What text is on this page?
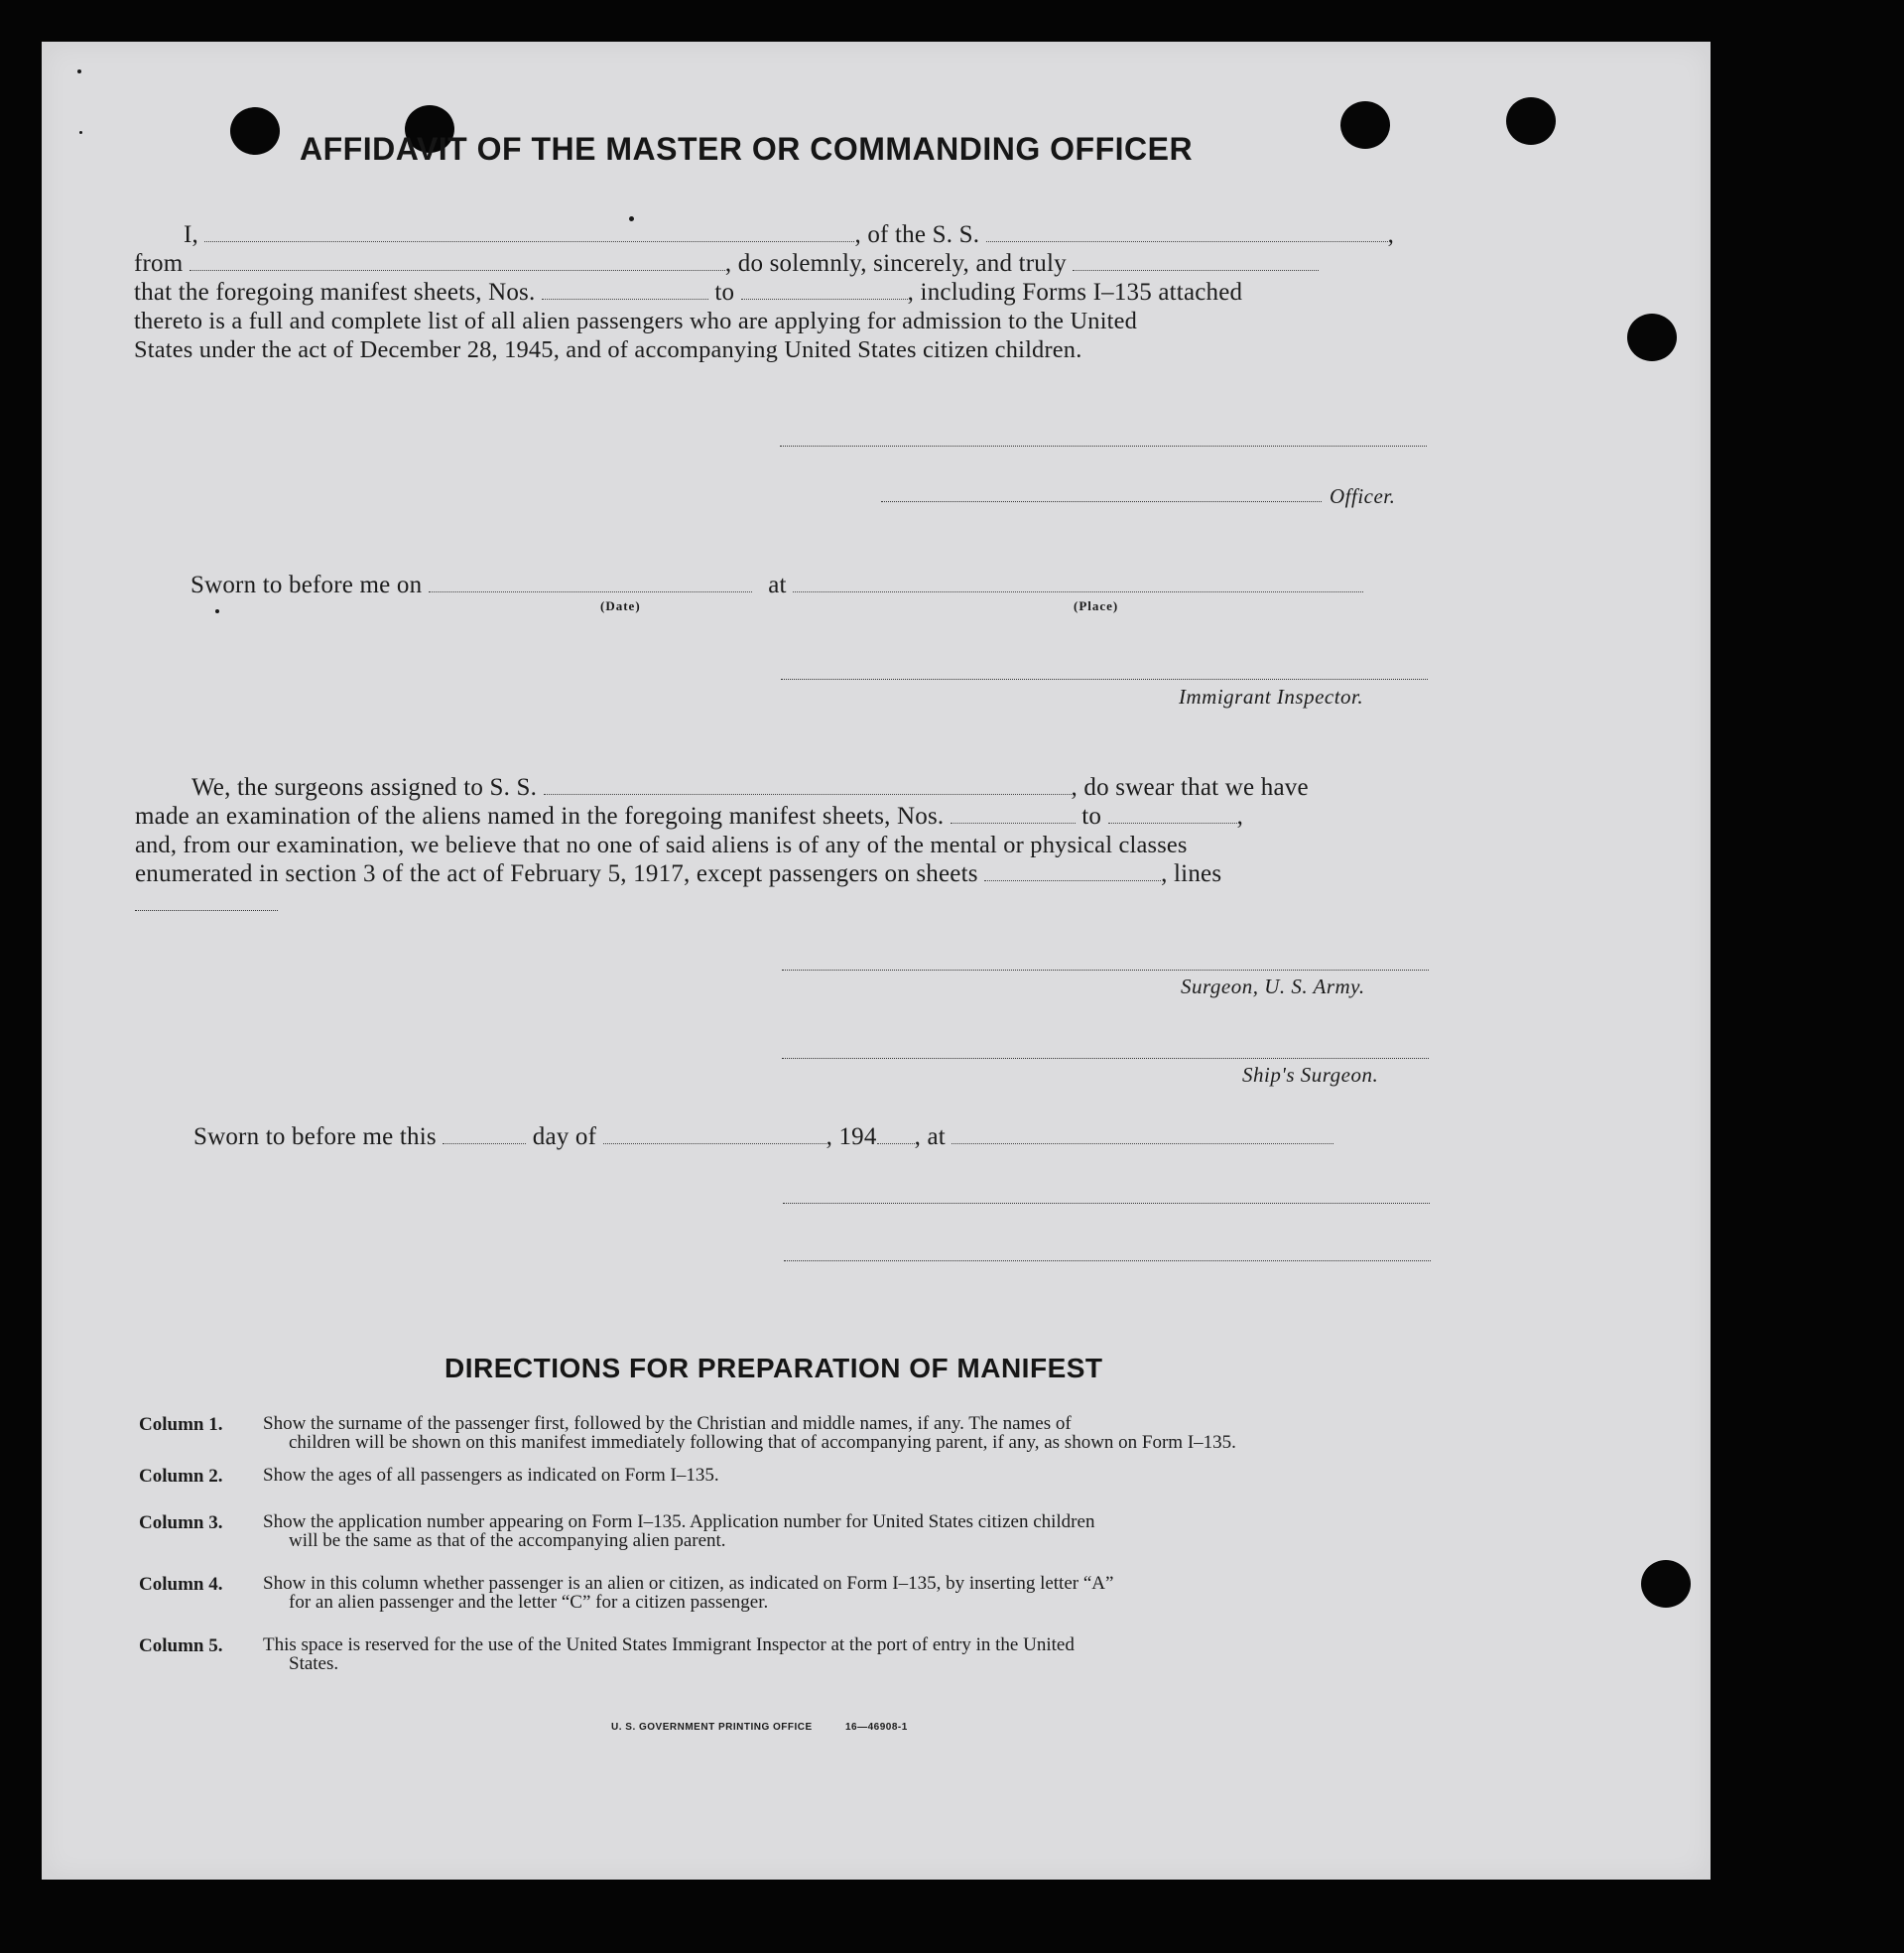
AFFIDAVIT OF THE MASTER OR COMMANDING OFFICER
I,	, of the S. S.	,
from	, do solemnly, sincerely, and truly
that the foregoing manifest sheets, Nos.	to	, including Forms I–135 attached
thereto is a full and complete list of all alien passengers who are applying for admission to the United
States under the act of December 28, 1945, and of accompanying United States citizen children.
Officer.
Sworn to before me on	at
(Date)	(Place)
Immigrant Inspector.
We, the surgeons assigned to S. S.	, do swear that we have
made an examination of the aliens named in the foregoing manifest sheets, Nos.	to	,
and, from our examination, we believe that no one of said aliens is of any of the mental or physical classes
enumerated in section 3 of the act of February 5, 1917, except passengers on sheets	, lines
Surgeon, U. S. Army.
Ship's Surgeon.
Sworn to before me this	day of	, 194 , at
DIRECTIONS FOR PREPARATION OF MANIFEST
Column 1.	Show the surname of the passenger first, followed by the Christian and middle names, if any. The names of
children will be shown on this manifest immediately following that of accompanying parent, if any, as shown on Form I–135.
Column 2.	Show the ages of all passengers as indicated on Form I–135.
Column 3.	Show the application number appearing on Form I–135. Application number for United States citizen children
will be the same as that of the accompanying alien parent.
Column 4.	Show in this column whether passenger is an alien or citizen, as indicated on Form I–135, by inserting letter “A”
for an alien passenger and the letter “C” for a citizen passenger.
Column 5.	This space is reserved for the use of the United States Immigrant Inspector at the port of entry in the United
States.
U. S. GOVERNMENT PRINTING OFFICE	16—46908-1
